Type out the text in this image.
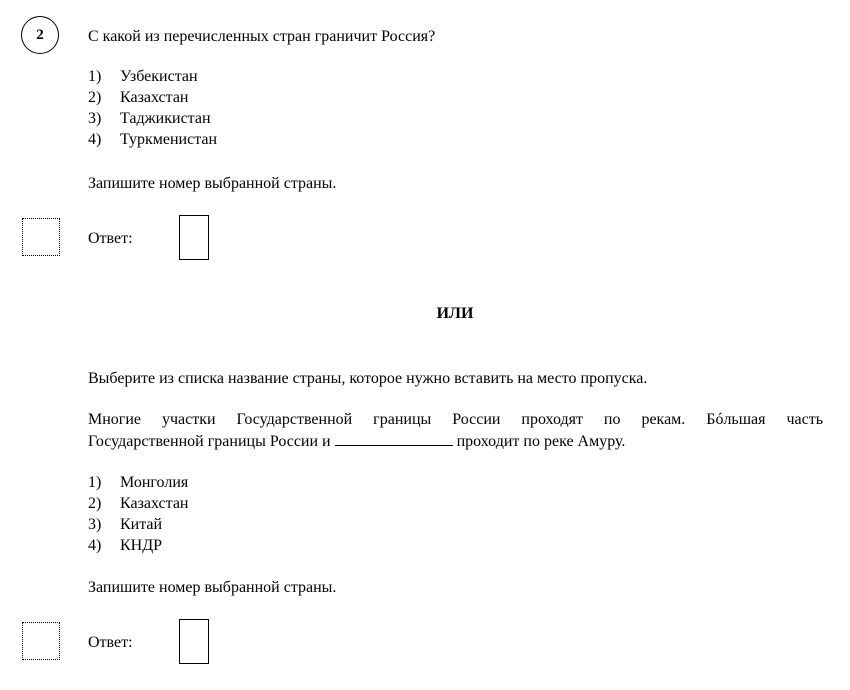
2	С какой из перечисленных стран граничит Россия?
1) Узбекистан
2) Казахстан
3) Таджикистан
4) Туркменистан
Запишите номер выбранной страны.
Ответ:
ИЛИ
Выберите из списка название страны, которое нужно вставить на место пропуска.
Многие участки Государственной границы России проходят по рекам. Бóльшая часть
Государственной границы России и	проходит по реке Амуру.
1) Монголия
2) Казахстан
3) Китай
4) КНДР
Запишите номер выбранной страны.
Ответ:
